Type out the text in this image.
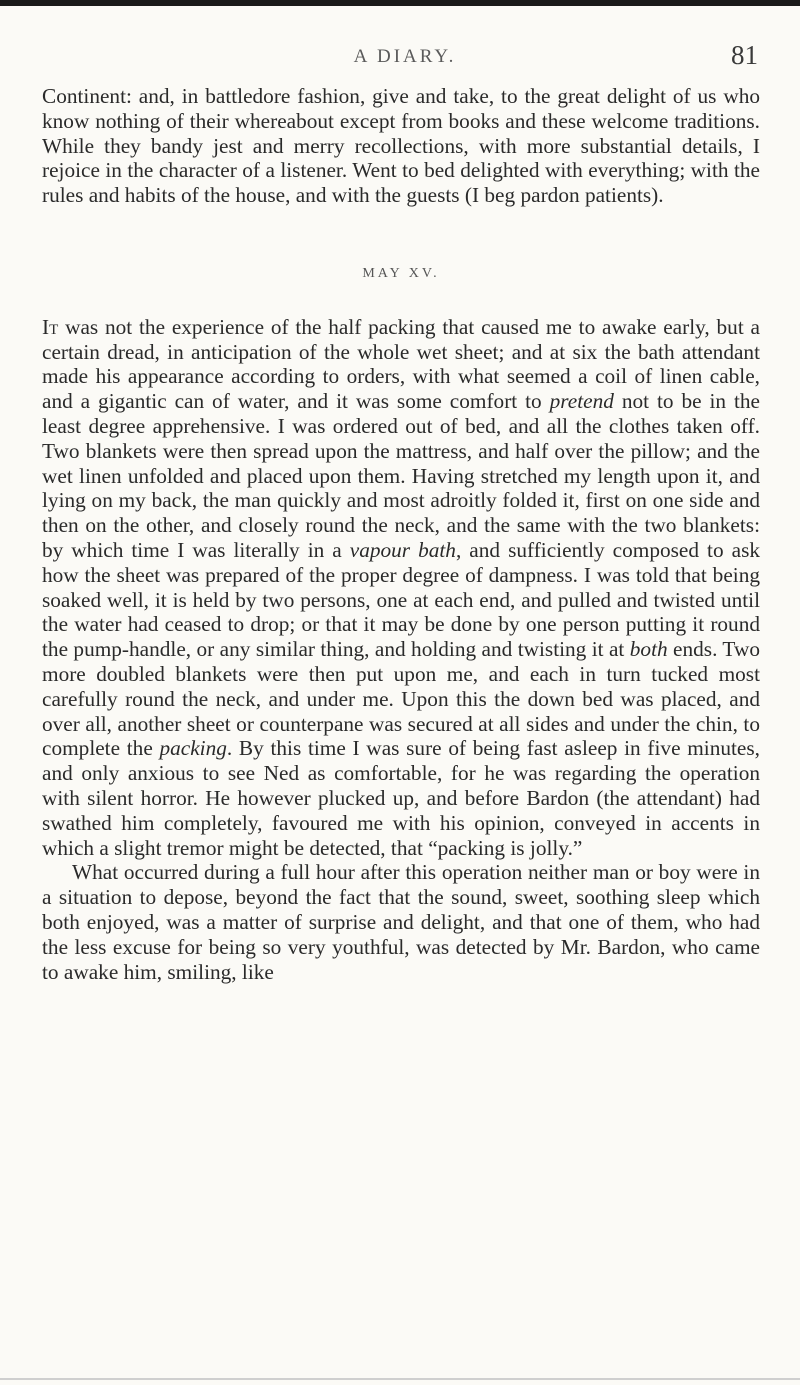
A DIARY.	81

Continent: and, in battledore fashion, give and take, to the great delight of us who know nothing of their whereabout except from books and these welcome traditions. While they bandy jest and merry recollections, with more substantial details, I rejoice in the character of a listener. Went to bed delighted with everything; with the rules and habits of the house, and with the guests (I beg pardon patients).

MAY XV.

It was not the experience of the half packing that caused me to awake early, but a certain dread, in anticipation of the whole wet sheet; and at six the bath attendant made his appearance according to orders, with what seemed a coil of linen cable, and a gigantic can of water, and it was some comfort to pretend not to be in the least degree apprehensive. I was ordered out of bed, and all the clothes taken off. Two blankets were then spread upon the mattress, and half over the pillow; and the wet linen unfolded and placed upon them. Having stretched my length upon it, and lying on my back, the man quickly and most adroitly folded it, first on one side and then on the other, and closely round the neck, and the same with the two blankets: by which time I was literally in a vapour bath, and sufficiently composed to ask how the sheet was prepared of the proper degree of dampness. I was told that being soaked well, it is held by two persons, one at each end, and pulled and twisted until the water had ceased to drop; or that it may be done by one person putting it round the pump-handle, or any similar thing, and holding and twisting it at both ends. Two more doubled blankets were then put upon me, and each in turn tucked most carefully round the neck, and under me. Upon this the down bed was placed, and over all, another sheet or counterpane was secured at all sides and under the chin, to complete the packing. By this time I was sure of being fast asleep in five minutes, and only anxious to see Ned as comfortable, for he was regarding the operation with silent horror. He however plucked up, and before Bardon (the attendant) had swathed him completely, favoured me with his opinion, conveyed in accents in which a slight tremor might be detected, that “packing is jolly.”

What occurred during a full hour after this operation neither man or boy were in a situation to depose, beyond the fact that the sound, sweet, soothing sleep which both enjoyed, was a matter of surprise and delight, and that one of them, who had the less excuse for being so very youthful, was detected by Mr. Bardon, who came to awake him, smiling, like
